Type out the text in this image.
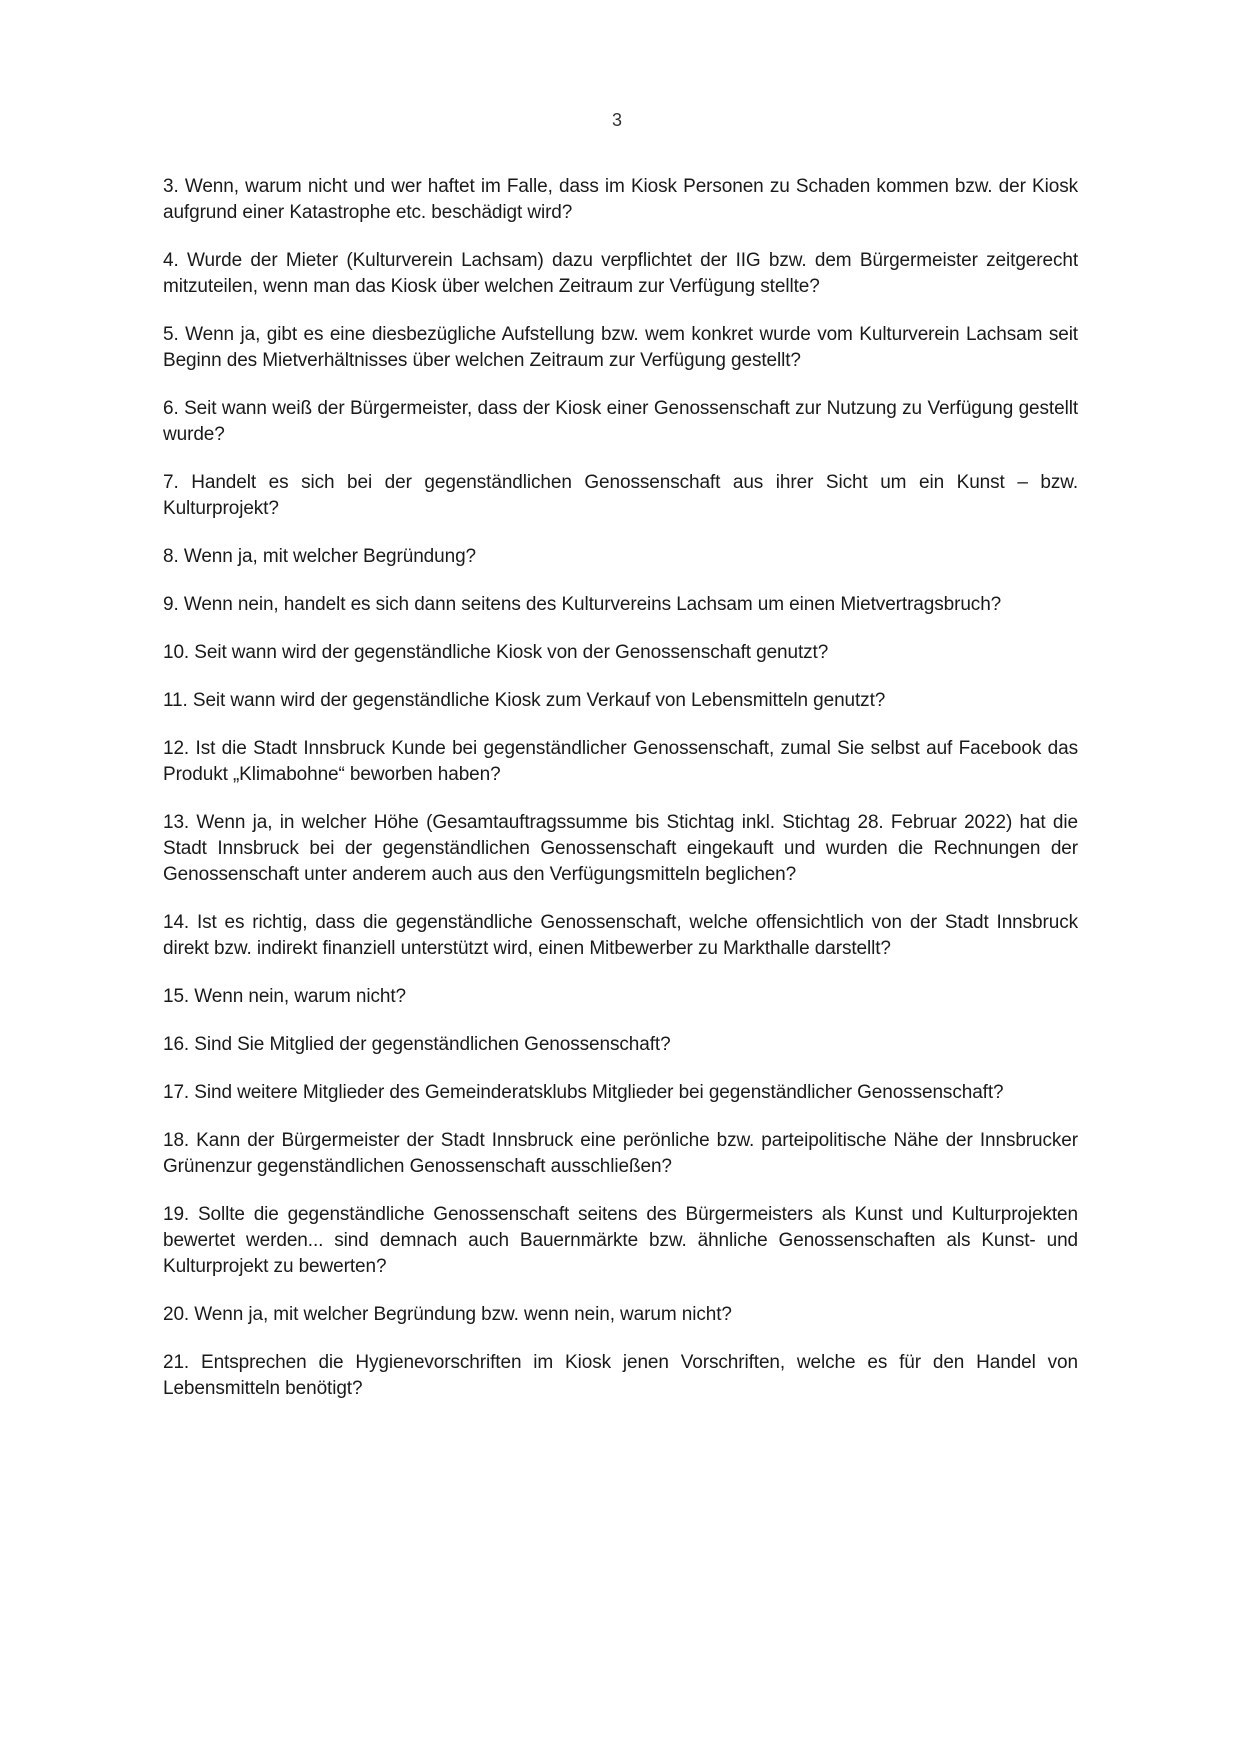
3

3. Wenn, warum nicht und wer haftet im Falle, dass im Kiosk Personen zu Schaden kommen bzw. der Kiosk aufgrund einer Katastrophe etc. beschädigt wird?

4. Wurde der Mieter (Kulturverein Lachsam) dazu verpflichtet der IIG bzw. dem Bürgermeister zeitgerecht mitzuteilen, wenn man das Kiosk über welchen Zeitraum zur Verfügung stellte?

5. Wenn ja, gibt es eine diesbezügliche Aufstellung bzw. wem konkret wurde vom Kulturverein Lachsam seit Beginn des Mietverhältnisses über welchen Zeitraum zur Verfügung gestellt?

6. Seit wann weiß der Bürgermeister, dass der Kiosk einer Genossenschaft zur Nutzung zu Verfügung gestellt wurde?

7. Handelt es sich bei der gegenständlichen Genossenschaft aus ihrer Sicht um ein Kunst – bzw. Kulturprojekt?

8. Wenn ja, mit welcher Begründung?

9. Wenn nein, handelt es sich dann seitens des Kulturvereins Lachsam um einen Mietvertragsbruch?

10. Seit wann wird der gegenständliche Kiosk von der Genossenschaft genutzt?

11. Seit wann wird der gegenständliche Kiosk zum Verkauf von Lebensmitteln genutzt?

12. Ist die Stadt Innsbruck Kunde bei gegenständlicher Genossenschaft, zumal Sie selbst auf Facebook das Produkt „Klimabohne“ beworben haben?

13. Wenn ja, in welcher Höhe (Gesamtauftragssumme bis Stichtag inkl. Stichtag 28. Februar 2022) hat die Stadt Innsbruck bei der gegenständlichen Genossenschaft eingekauft und wurden die Rechnungen der Genossenschaft unter anderem auch aus den Verfügungsmitteln beglichen?

14. Ist es richtig, dass die gegenständliche Genossenschaft, welche offensichtlich von der Stadt Innsbruck direkt bzw. indirekt finanziell unterstützt wird, einen Mitbewerber zu Markthalle darstellt?

15. Wenn nein, warum nicht?

16. Sind Sie Mitglied der gegenständlichen Genossenschaft?

17. Sind weitere Mitglieder des Gemeinderatsklubs Mitglieder bei gegenständlicher Genossenschaft?

18. Kann der Bürgermeister der Stadt Innsbruck eine perönliche bzw. parteipolitische Nähe der Innsbrucker Grünenzur gegenständlichen Genossenschaft ausschließen?

19. Sollte die gegenständliche Genossenschaft seitens des Bürgermeisters als Kunst und Kulturprojekten bewertet werden... sind demnach auch Bauernmärkte bzw. ähnliche Genossenschaften als Kunst- und Kulturprojekt zu bewerten?

20. Wenn ja, mit welcher Begründung bzw. wenn nein, warum nicht?

21. Entsprechen die Hygienevorschriften im Kiosk jenen Vorschriften, welche es für den Handel von Lebensmitteln benötigt?
